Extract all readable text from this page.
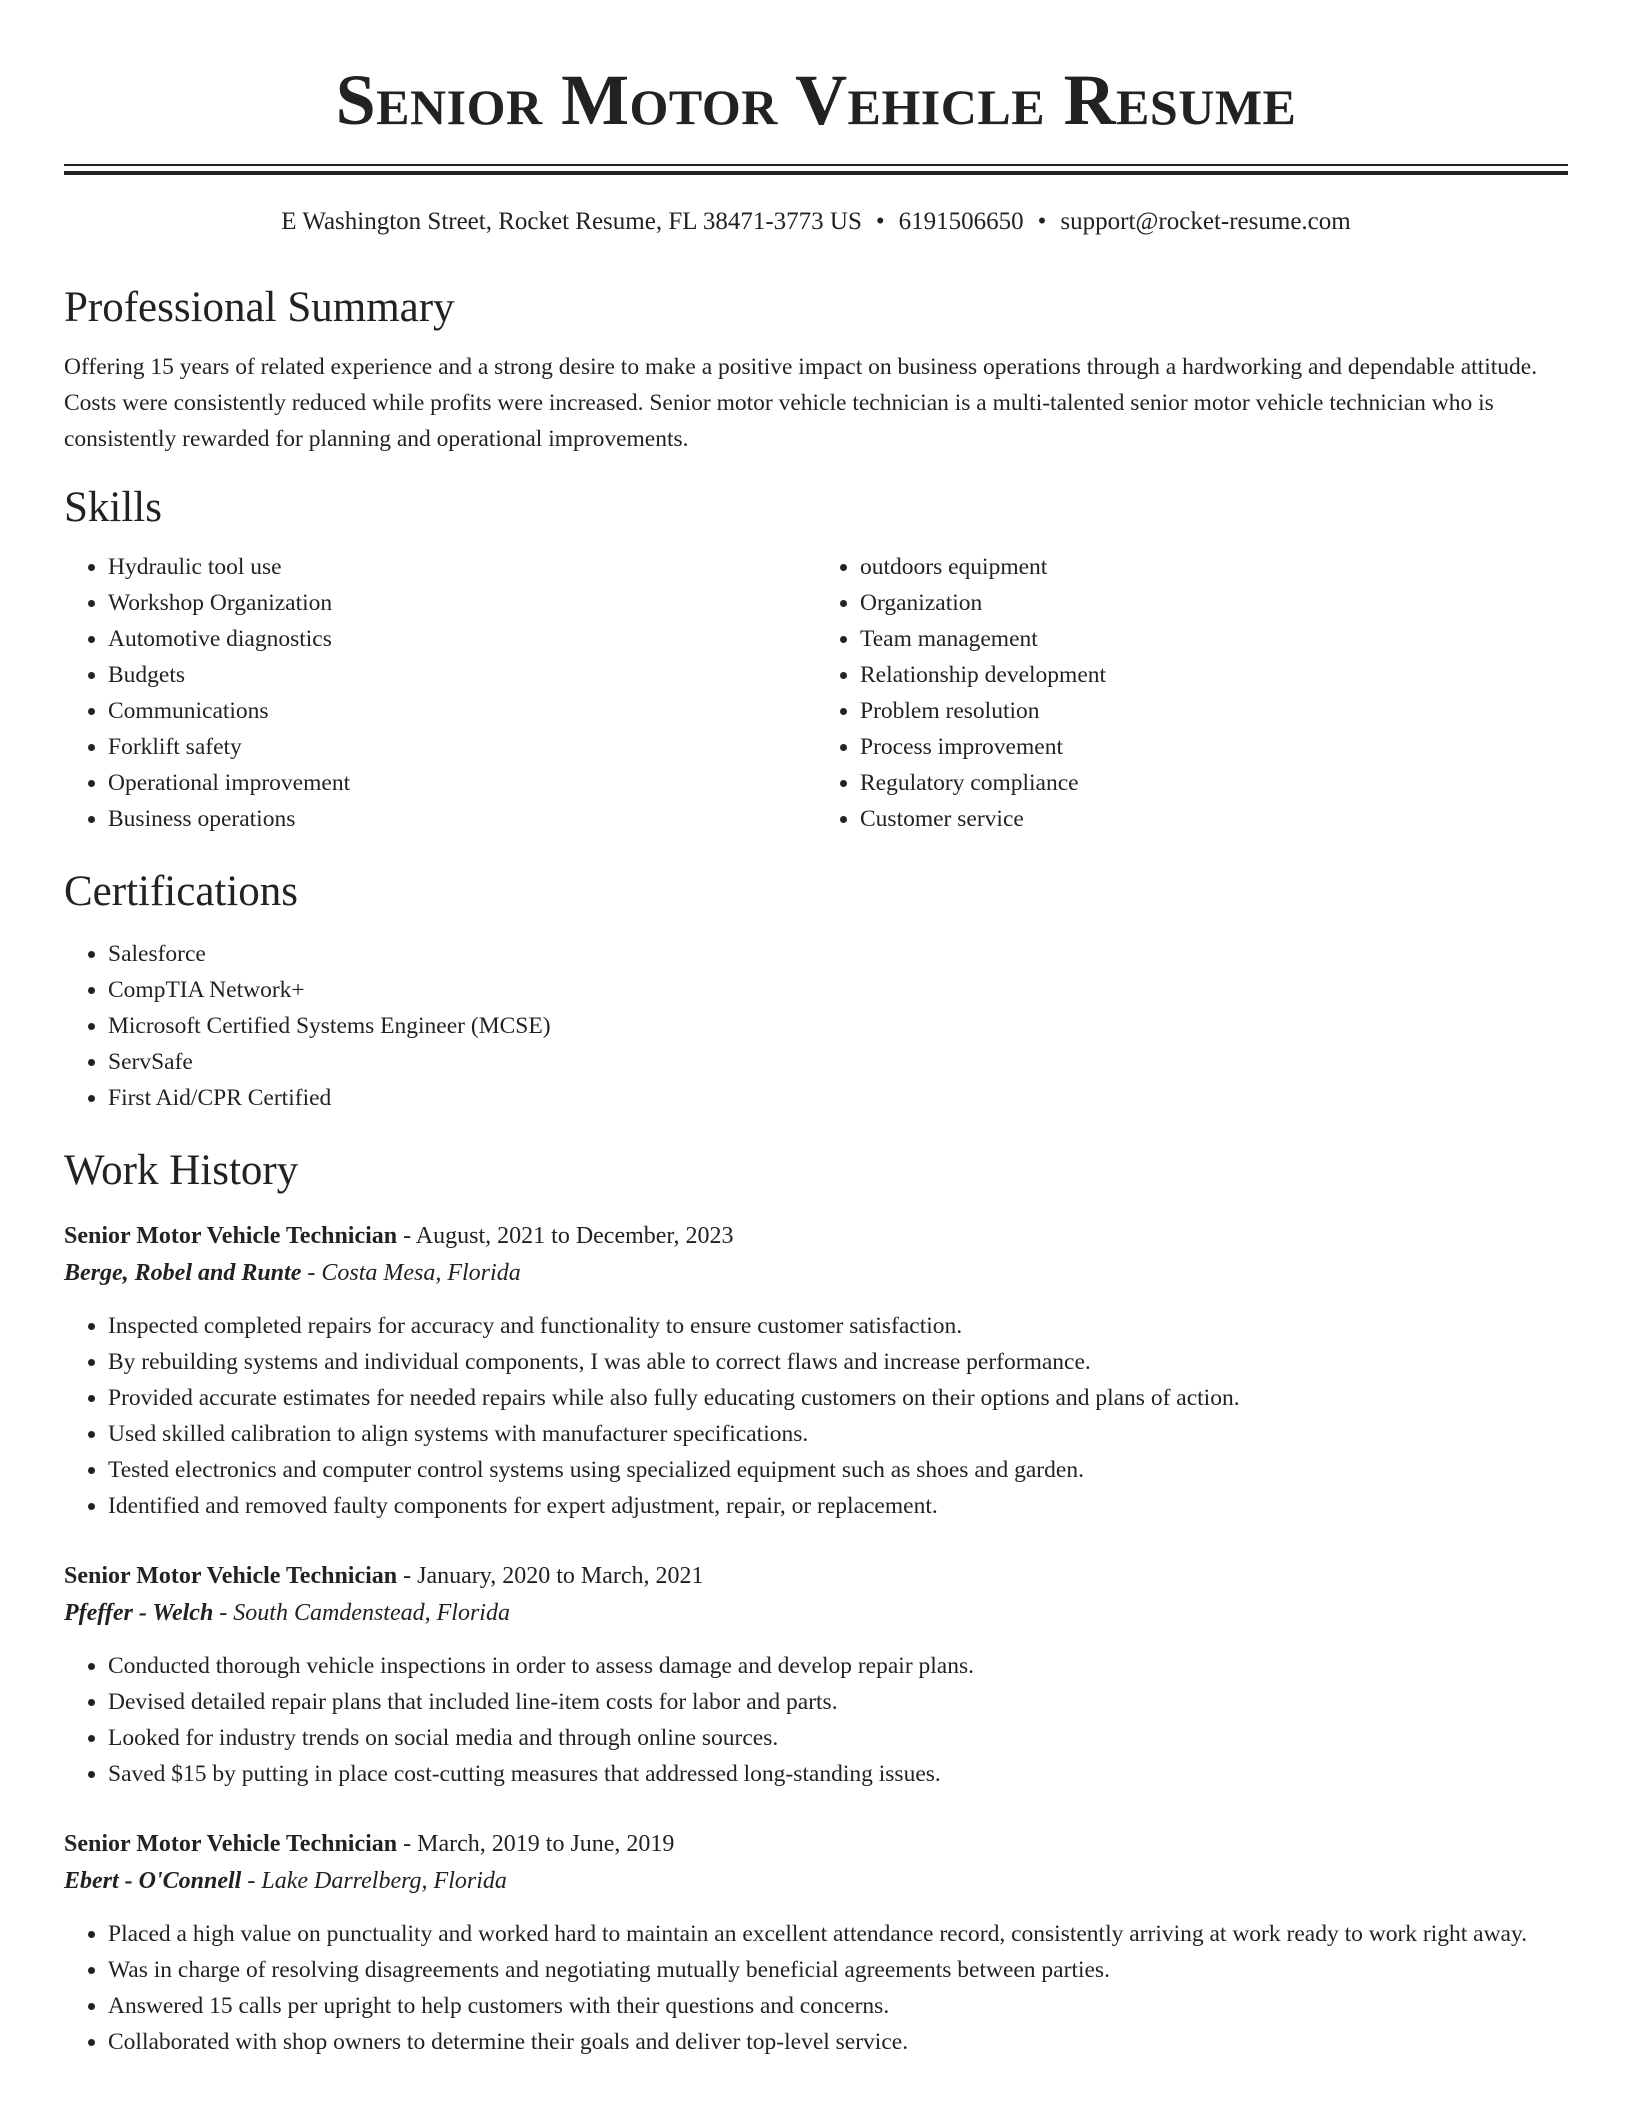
Senior Motor Vehicle Resume
E Washington Street, Rocket Resume, FL 38471-3773 US • 6191506650 • support@rocket-resume.com
Professional Summary
Offering 15 years of related experience and a strong desire to make a positive impact on business operations through a hardworking and dependable attitude. Costs were consistently reduced while profits were increased. Senior motor vehicle technician is a multi-talented senior motor vehicle technician who is consistently rewarded for planning and operational improvements.
Skills
• Hydraulic tool use
• Workshop Organization
• Automotive diagnostics
• Budgets
• Communications
• Forklift safety
• Operational improvement
• Business operations
• outdoors equipment
• Organization
• Team management
• Relationship development
• Problem resolution
• Process improvement
• Regulatory compliance
• Customer service
Certifications
• Salesforce
• CompTIA Network+
• Microsoft Certified Systems Engineer (MCSE)
• ServSafe
• First Aid/CPR Certified
Work History
Senior Motor Vehicle Technician - August, 2021 to December, 2023
Berge, Robel and Runte - Costa Mesa, Florida
• Inspected completed repairs for accuracy and functionality to ensure customer satisfaction.
• By rebuilding systems and individual components, I was able to correct flaws and increase performance.
• Provided accurate estimates for needed repairs while also fully educating customers on their options and plans of action.
• Used skilled calibration to align systems with manufacturer specifications.
• Tested electronics and computer control systems using specialized equipment such as shoes and garden.
• Identified and removed faulty components for expert adjustment, repair, or replacement.
Senior Motor Vehicle Technician - January, 2020 to March, 2021
Pfeffer - Welch - South Camdenstead, Florida
• Conducted thorough vehicle inspections in order to assess damage and develop repair plans.
• Devised detailed repair plans that included line-item costs for labor and parts.
• Looked for industry trends on social media and through online sources.
• Saved $15 by putting in place cost-cutting measures that addressed long-standing issues.
Senior Motor Vehicle Technician - March, 2019 to June, 2019
Ebert - O'Connell - Lake Darrelberg, Florida
• Placed a high value on punctuality and worked hard to maintain an excellent attendance record, consistently arriving at work ready to work right away.
• Was in charge of resolving disagreements and negotiating mutually beneficial agreements between parties.
• Answered 15 calls per upright to help customers with their questions and concerns.
• Collaborated with shop owners to determine their goals and deliver top-level service.
